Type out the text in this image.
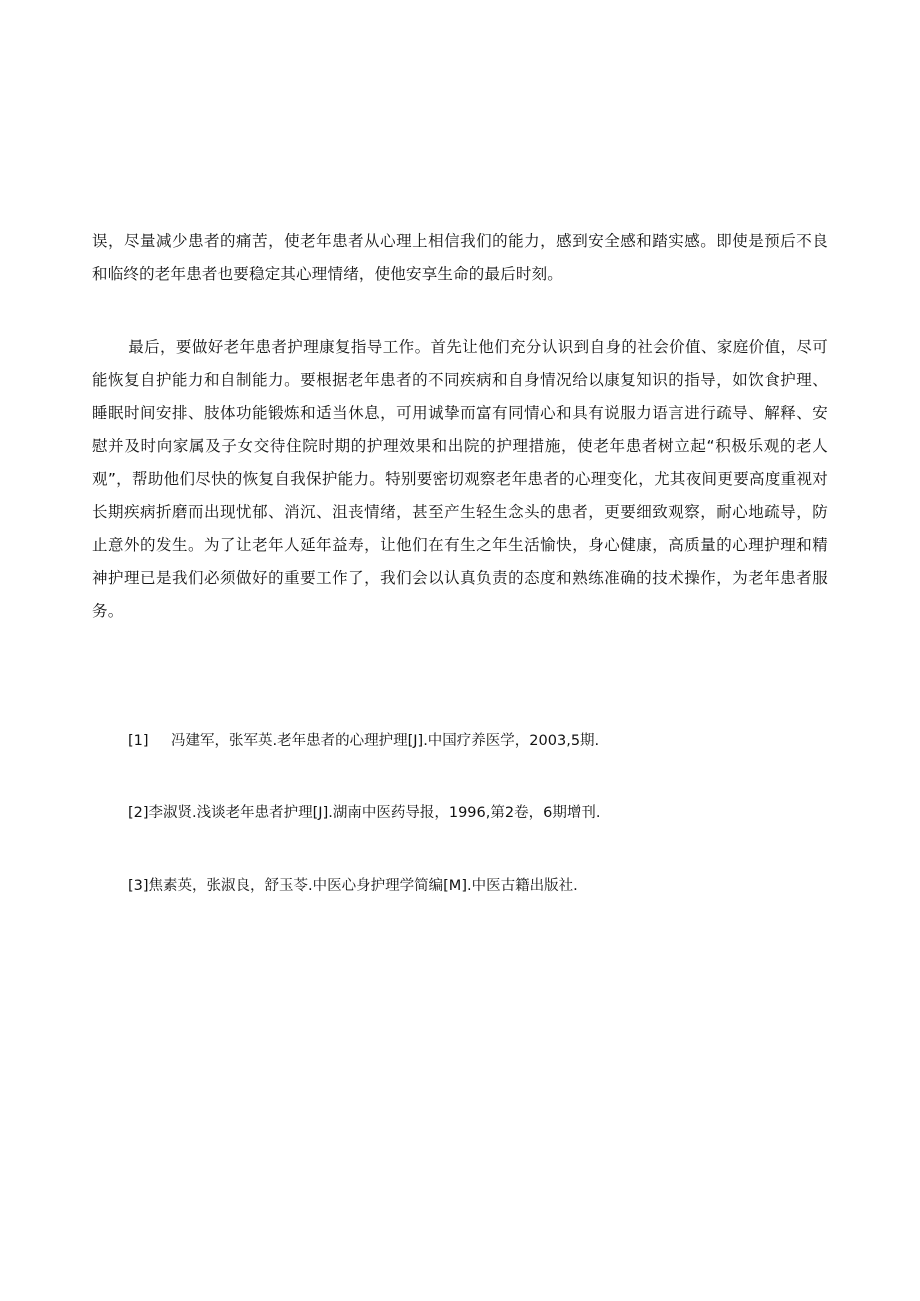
误，尽量减少患者的痛苦，使老年患者从心理上相信我们的能力，感到安全感和踏实感。即使是预后不良和临终的老年患者也要稳定其心理情绪，使他安享生命的最后时刻。
最后，要做好老年患者护理康复指导工作。首先让他们充分认识到自身的社会价值、家庭价值，尽可能恢复自护能力和自制能力。要根据老年患者的不同疾病和自身情况给以康复知识的指导，如饮食护理、睡眠时间安排、肢体功能锻炼和适当休息，可用诚挚而富有同情心和具有说服力语言进行疏导、解释、安慰并及时向家属及子女交待住院时期的护理效果和出院的护理措施，使老年患者树立起“积极乐观的老人观”，帮助他们尽快的恢复自我保护能力。特别要密切观察老年患者的心理变化，尤其夜间更要高度重视对长期疾病折磨而出现忧郁、消沉、沮丧情绪，甚至产生轻生念头的患者，更要细致观察，耐心地疏导，防止意外的发生。为了让老年人延年益寿，让他们在有生之年生活愉快，身心健康，高质量的心理护理和精神护理已是我们必须做好的重要工作了，我们会以认真负责的态度和熟练准确的技术操作，为老年患者服务。
[1] 冯建军，张军英.老年患者的心理护理[J].中国疗养医学，2003,5期.
[2]李淑贤.浅谈老年患者护理[J].湖南中医药导报，1996,第2卷，6期增刊.
[3]焦素英，张淑良，舒玉苓.中医心身护理学简编[M].中医古籍出版社.
